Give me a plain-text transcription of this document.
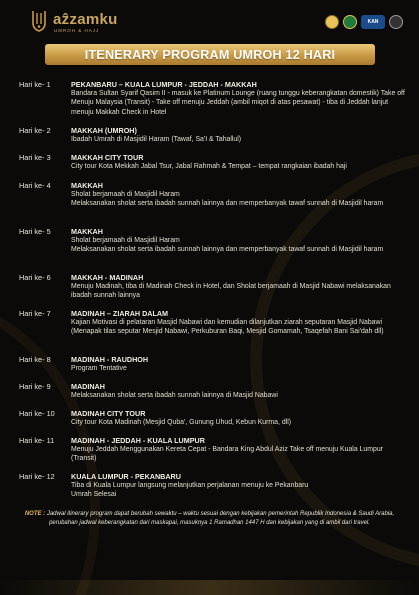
aẑzamku
UMROH & HAJJ
KAN
ITENERARY PROGRAM UMROH 12 HARI
Hari ke- 1	PEKANBARU – KUALA LUMPUR - JEDDAH - MAKKAH
Bandara Sultan Syarif Qasim II - masuk ke Platinum Lounge (ruang tunggu keberangkatan domestik) Take off Menuju Malaysia (Transit) - Take off menuju Jeddah (ambil miqot di atas pesawat) - tiba di Jeddah lanjut menuju Makkah Check in Hotel
Hari ke- 2	MAKKAH (UMROH)
Ibadah Umrah di Masjidil Haram (Tawaf, Sa'I & Tahallul)
Hari ke- 3	MAKKAH CITY TOUR
City tour Kota Mekkah Jabal Tsur, Jabal Rahmah & Tempat – tempat rangkaian ibadah haji
Hari ke- 4	MAKKAH
Sholat berjamaah di Masjidil Haram
Melaksanakan sholat serta ibadah sunnah lainnya dan memperbanyak tawaf sunnah di Masjidil haram
Hari ke- 5	MAKKAH
Sholat berjamaah di Masjidil Haram
Melaksanakan sholat serta ibadah sunnah lainnya dan memperbanyak tawaf sunnah di Masjidil haram
Hari ke- 6	MAKKAH - MADINAH
Menuju Madinah, tiba di Madinah Check in Hotel, dan Sholat berjamaah di Masjid Nabawi melaksanakan ibadah sunnah lainnya
Hari ke- 7	MADINAH – ZIARAH DALAM
Kajian Motivasi di pelataran Masjid Nabawi dan kemudian dilanjutkan ziarah seputaran Masjid Nabawi (Menapak tilas seputar Mesjid Nabawi, Perkuburan Baqi, Mesjid Gomamah, Tsaqefah Bani Sai'dah dll)
Hari ke- 8	MADINAH - RAUDHOH
Program Tentative
Hari ke- 9	MADINAH
Melaksanakan sholat serta ibadah sunnah lainnya di Masjid Nabawi
Hari ke- 10 MADINAH CITY TOUR
City tour Kota Madinah (Mesjid Quba', Gunung Uhud, Kebun Kurma, dll)
Hari ke- 11 MADINAH - JEDDAH - KUALA LUMPUR
Menuju Jeddah Menggunakan Kereta Cepat - Bandara King Abdul Aziz Take off menuju Kuala Lumpur (Transit)
Hari ke- 12 KUALA LUMPUR - PEKANBARU
Tiba di Kuala Lumpur langsung melanjutkan perjalanan menuju ke Pekanbaru
Umrah Selesai
NOTE : Jadwal itinerary program dapat berubah sewaktu – waktu sesuai dengan kebijakan pemerintah Republik Indonesia & Saudi Arabia, perubahan jadwal keberangkatan dari maskapai, masuknya 1 Ramadhan 1447 H dan kebijakan yang di ambil dari travel.
